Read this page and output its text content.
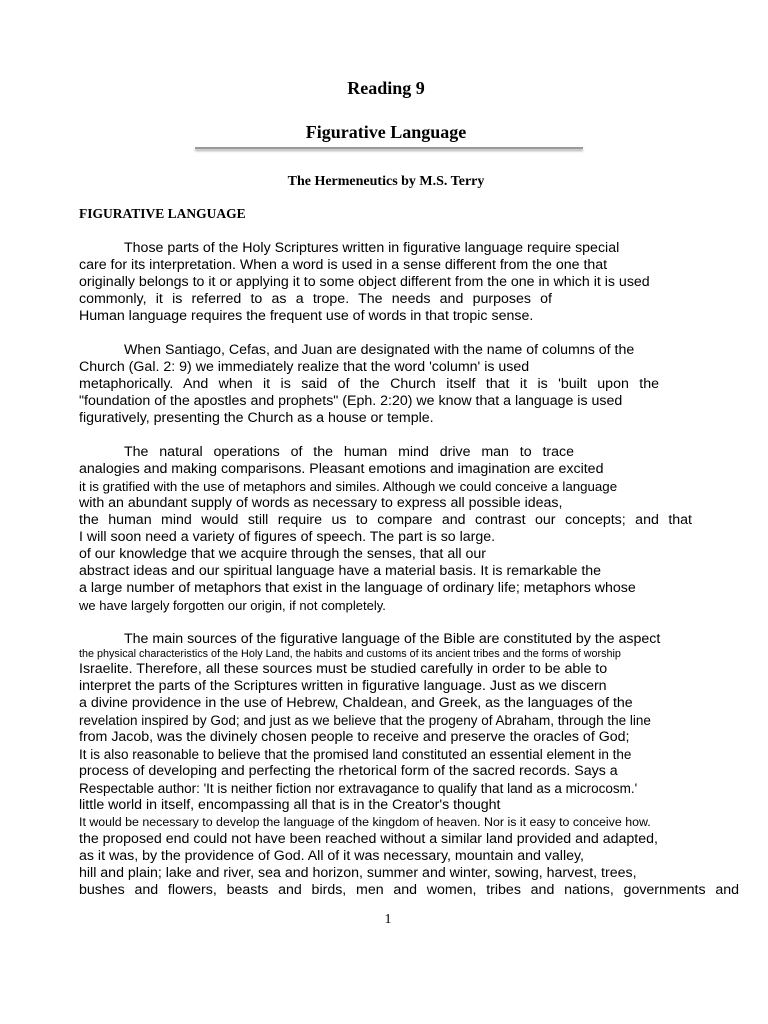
Reading 9
Figurative Language
The Hermeneutics by M.S. Terry
FIGURATIVE LANGUAGE
Those parts of the Holy Scriptures written in figurative language require special
care for its interpretation. When a word is used in a sense different from the one that
originally belongs to it or applying it to some object different from the one in which it is used
commonly, it is referred to as a trope. The needs and purposes of
Human language requires the frequent use of words in that tropic sense.
When Santiago, Cefas, and Juan are designated with the name of columns of the
Church (Gal. 2: 9) we immediately realize that the word 'column' is used
metaphorically. And when it is said of the Church itself that it is 'built upon the
"foundation of the apostles and prophets" (Eph. 2:20) we know that a language is used
figuratively, presenting the Church as a house or temple.
The natural operations of the human mind drive man to trace
analogies and making comparisons. Pleasant emotions and imagination are excited
it is gratified with the use of metaphors and similes. Although we could conceive a language
with an abundant supply of words as necessary to express all possible ideas,
the human mind would still require us to compare and contrast our concepts; and that
I will soon need a variety of figures of speech. The part is so large.
of our knowledge that we acquire through the senses, that all our
abstract ideas and our spiritual language have a material basis. It is remarkable the
a large number of metaphors that exist in the language of ordinary life; metaphors whose
we have largely forgotten our origin, if not completely.
The main sources of the figurative language of the Bible are constituted by the aspect
the physical characteristics of the Holy Land, the habits and customs of its ancient tribes and the forms of worship
Israelite. Therefore, all these sources must be studied carefully in order to be able to
interpret the parts of the Scriptures written in figurative language. Just as we discern
a divine providence in the use of Hebrew, Chaldean, and Greek, as the languages of the
revelation inspired by God; and just as we believe that the progeny of Abraham, through the line
from Jacob, was the divinely chosen people to receive and preserve the oracles of God;
It is also reasonable to believe that the promised land constituted an essential element in the
process of developing and perfecting the rhetorical form of the sacred records. Says a
Respectable author: 'It is neither fiction nor extravagance to qualify that land as a microcosm.'
little world in itself, encompassing all that is in the Creator's thought
It would be necessary to develop the language of the kingdom of heaven. Nor is it easy to conceive how.
the proposed end could not have been reached without a similar land provided and adapted,
as it was, by the providence of God. All of it was necessary, mountain and valley,
hill and plain; lake and river, sea and horizon, summer and winter, sowing, harvest, trees,
bushes and flowers, beasts and birds, men and women, tribes and nations, governments and
1
